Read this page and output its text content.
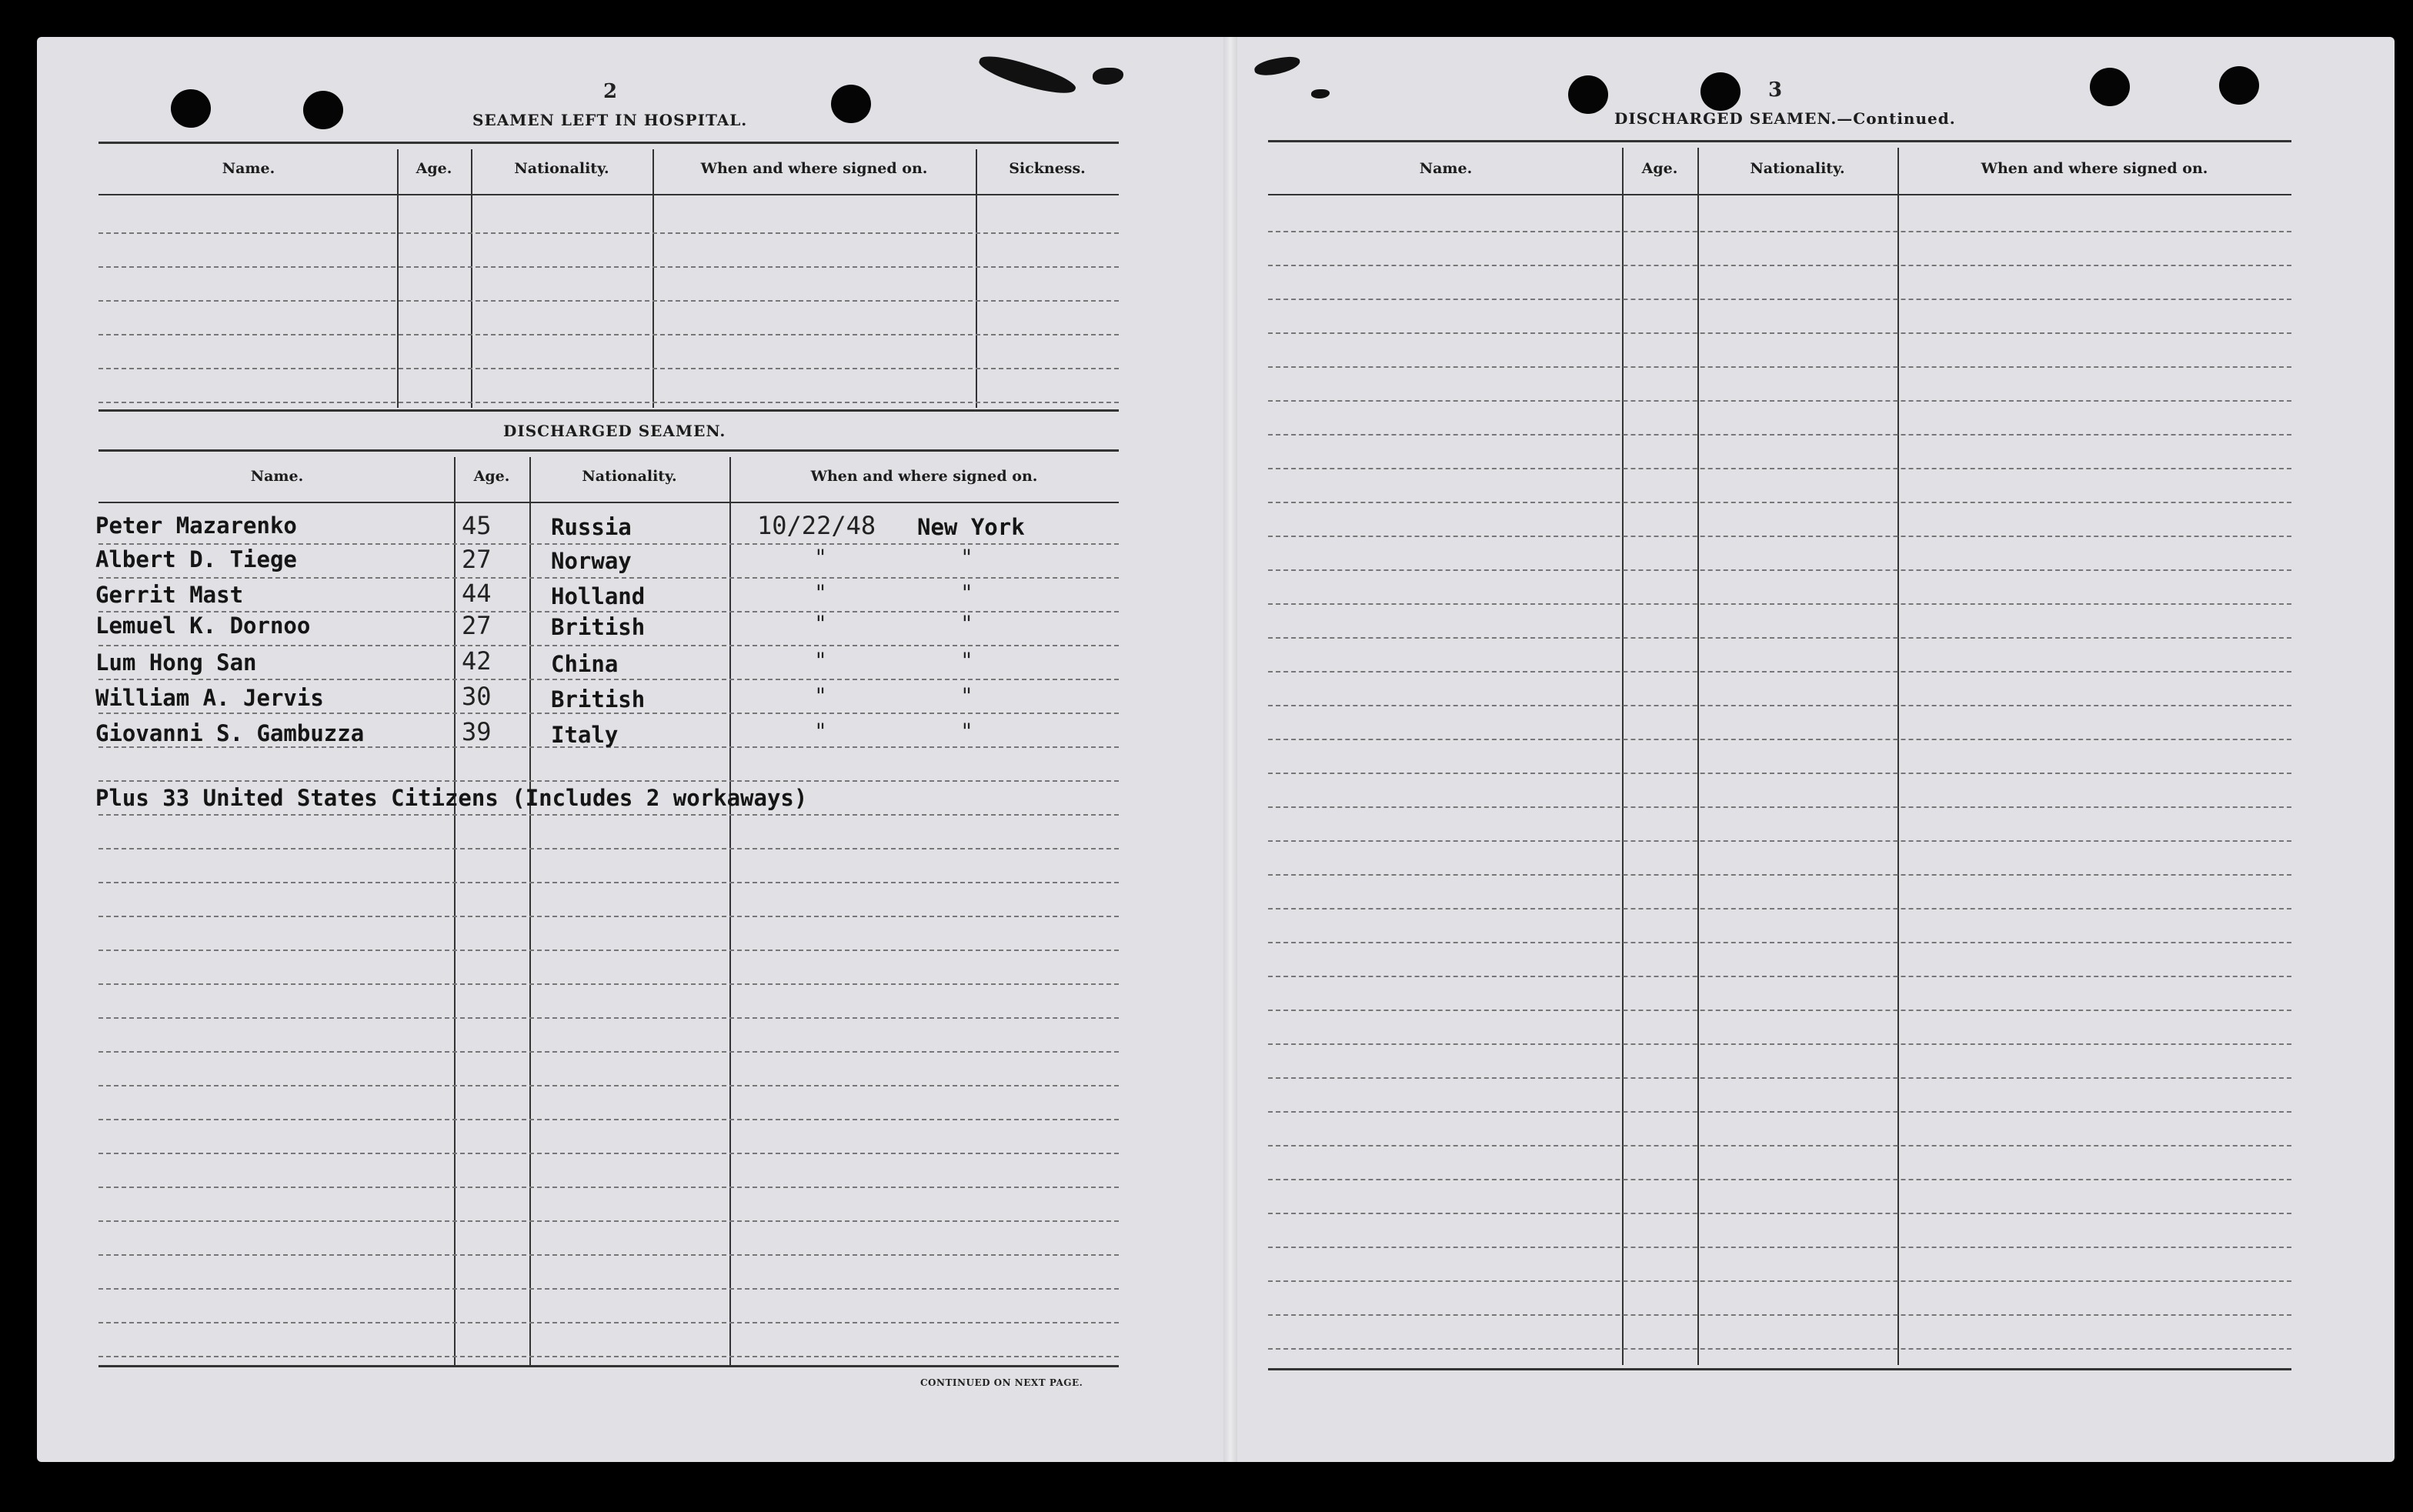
2
SEAMEN LEFT IN HOSPITAL.
Name.	Age.	Nationality.	When and where signed on.	Sickness.
DISCHARGED SEAMEN.
Name.	Age.	Nationality.	When and where signed on.
Peter Mazarenko	45	Russia	10/22/48 New York
Albert D. Tiege	27	Norway	"	"
Gerrit Mast	44	Holland	"	"
Lemuel K. Dornoo	27	British	"	"
Lum Hong San	42	China	"	"
William A. Jervis	30	British	"	"
Giovanni S. Gambuzza	39	Italy	"	"
Plus 33 United States Citizens (Includes 2 workaways)
CONTINUED ON NEXT PAGE.
3
DISCHARGED SEAMEN.—Continued.
Name.	Age.	Nationality.	When and where signed on.
